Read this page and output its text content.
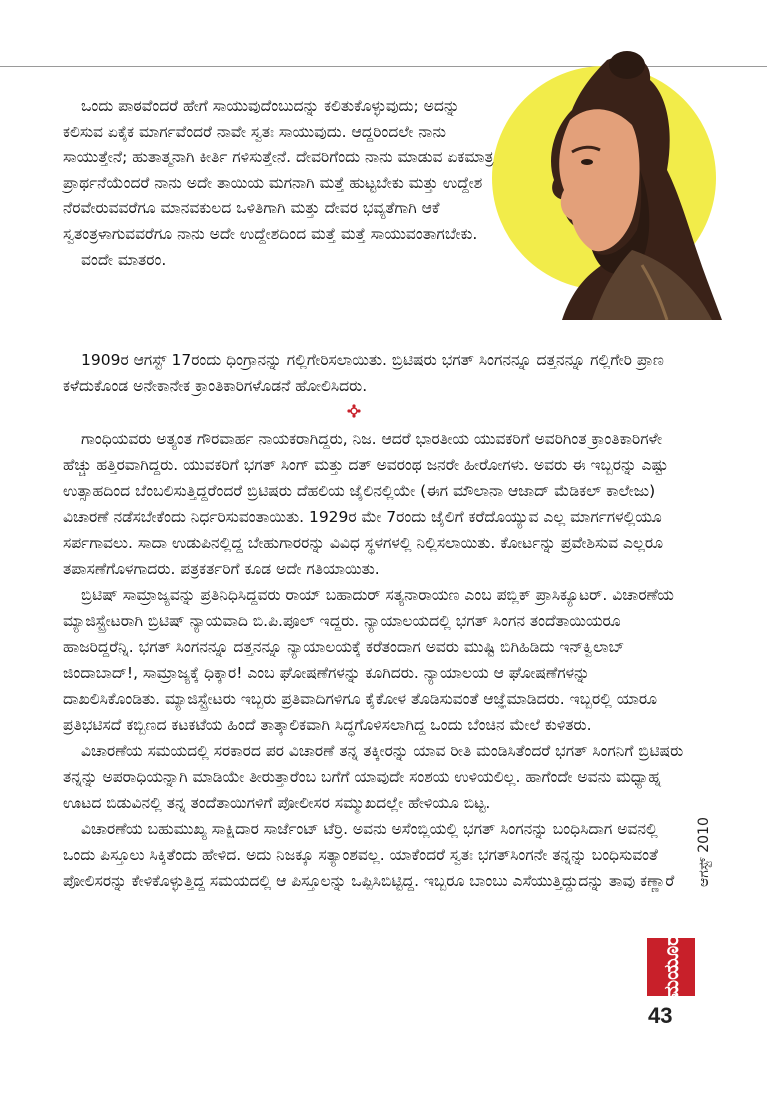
ಒಂದು ಪಾಠವೆಂದರೆ ಹೇಗೆ ಸಾಯುವುದೆಂಬುದನ್ನು ಕಲಿತುಕೊಳ್ಳುವುದು; ಅದನ್ನು ಕಲಿಸುವ ಏಕೈಕ ಮಾರ್ಗವೆಂದರೆ ನಾವೇ ಸ್ವತಃ ಸಾಯುವುದು. ಆದ್ದರಿಂದಲೇ ನಾನು ಸಾಯುತ್ತೇನೆ; ಹುತಾತ್ಮನಾಗಿ ಕೀರ್ತಿ ಗಳಿಸುತ್ತೇನೆ. ದೇವರಿಗೆಂದು ನಾನು ಮಾಡುವ ಏಕಮಾತ್ರ ಪ್ರಾರ್ಥನೆಯೆಂದರೆ ನಾನು ಅದೇ ತಾಯಿಯ ಮಗನಾಗಿ ಮತ್ತೆ ಹುಟ್ಟಬೇಕು ಮತ್ತು ಉದ್ದೇಶ ನೆರವೇರುವವರೆಗೂ ಮಾನವಕುಲದ ಒಳಿತಿಗಾಗಿ ಮತ್ತು ದೇವರ ಭವ್ಯತೆಗಾಗಿ ಆಕೆ ಸ್ವತಂತ್ರಳಾಗುವವರೆಗೂ ನಾನು ಅದೇ ಉದ್ದೇಶದಿಂದ ಮತ್ತೆ ಮತ್ತೆ ಸಾಯುವಂತಾಗಬೇಕು.

ವಂದೇ ಮಾತರಂ.

1909ರ ಆಗಸ್ಟ್ 17ರಂದು ಧಿಂಗ್ರಾನನ್ನು ಗಲ್ಲಿಗೇರಿಸಲಾಯಿತು. ಬ್ರಿಟಿಷರು ಭಗತ್ ಸಿಂಗನನ್ನೂ ದತ್ತನನ್ನೂ ಗಲ್ಲಿಗೇರಿ ಪ್ರಾಣ ಕಳೆದುಕೊಂಡ ಅನೇಕಾನೇಕ ಕ್ರಾಂತಿಕಾರಿಗಳೊಡನೆ ಹೋಲಿಸಿದರು.

ಗಾಂಧಿಯವರು ಅತ್ಯಂತ ಗೌರವಾರ್ಹ ನಾಯಕರಾಗಿದ್ದರು, ನಿಜ. ಆದರೆ ಭಾರತೀಯ ಯುವಕರಿಗೆ ಅವರಿಗಿಂತ ಕ್ರಾಂತಿಕಾರಿಗಳೇ ಹೆಚ್ಚು ಹತ್ತಿರವಾಗಿದ್ದರು. ಯುವಕರಿಗೆ ಭಗತ್ ಸಿಂಗ್ ಮತ್ತು ದತ್ ಅವರಂಥ ಜನರೇ ಹೀರೋಗಳು. ಅವರು ಈ ಇಬ್ಬರನ್ನು ಎಷ್ಟು ಉತ್ಸಾಹದಿಂದ ಬೆಂಬಲಿಸುತ್ತಿದ್ದರೆಂದರೆ ಬ್ರಿಟಿಷರು ದೆಹಲಿಯ ಜೈಲಿನಲ್ಲಿಯೇ (ಈಗ ಮೌಲಾನಾ ಆಜಾದ್ ಮೆಡಿಕಲ್ ಕಾಲೇಜು) ವಿಚಾರಣೆ ನಡೆಸಬೇಕೆಂದು ನಿರ್ಧರಿಸುವಂತಾಯಿತು. 1929ರ ಮೇ 7ರಂದು ಜೈಲಿಗೆ ಕರೆದೊಯ್ಯುವ ಎಲ್ಲ ಮಾರ್ಗಗಳಲ್ಲಿಯೂ ಸರ್ಪಗಾವಲು. ಸಾದಾ ಉಡುಪಿನಲ್ಲಿದ್ದ ಬೇಹುಗಾರರನ್ನು ವಿವಿಧ ಸ್ಥಳಗಳಲ್ಲಿ ನಿಲ್ಲಿಸಲಾಯಿತು. ಕೋರ್ಟನ್ನು ಪ್ರವೇಶಿಸುವ ಎಲ್ಲರೂ ತಪಾಸಣೆಗೊಳಗಾದರು. ಪತ್ರಕರ್ತರಿಗೆ ಕೂಡ ಅದೇ ಗತಿಯಾಯಿತು.

ಬ್ರಿಟಿಷ್ ಸಾಮ್ರಾಜ್ಯವನ್ನು ಪ್ರತಿನಿಧಿಸಿದ್ದವರು ರಾಯ್ ಬಹಾದುರ್ ಸತ್ಯನಾರಾಯಣ ಎಂಬ ಪಬ್ಲಿಕ್ ಪ್ರಾಸಿಕ್ಯೂಟರ್. ವಿಚಾರಣೆಯ ಮ್ಯಾಜಿಸ್ಟ್ರೇಟರಾಗಿ ಬ್ರಿಟಿಷ್ ನ್ಯಾಯವಾದಿ ಬಿ.ಪಿ.ಪೂಲ್ ಇದ್ದರು. ನ್ಯಾಯಾಲಯದಲ್ಲಿ ಭಗತ್ ಸಿಂಗನ ತಂದೆತಾಯಿಯರೂ ಹಾಜರಿದ್ದರೆನ್ನಿ. ಭಗತ್ ಸಿಂಗನನ್ನೂ ದತ್ತನನ್ನೂ ನ್ಯಾಯಾಲಯಕ್ಕೆ ಕರೆತಂದಾಗ ಅವರು ಮುಷ್ಟಿ ಬಿಗಿಹಿಡಿದು ಇನ್‌ಕ್ವಿಲಾಬ್ ಜಿಂದಾಬಾದ್!, ಸಾಮ್ರಾಜ್ಯಕ್ಕೆ ಧಿಕ್ಕಾರ! ಎಂಬ ಘೋಷಣೆಗಳನ್ನು ಕೂಗಿದರು. ನ್ಯಾಯಾಲಯ ಆ ಘೋಷಣೆಗಳನ್ನು ದಾಖಲಿಸಿಕೊಂಡಿತು. ಮ್ಯಾಜಿಸ್ಟ್ರೇಟರು ಇಬ್ಬರು ಪ್ರತಿವಾದಿಗಳಿಗೂ ಕೈಕೋಳ ತೊಡಿಸುವಂತೆ ಆಜ್ಞೆಮಾಡಿದರು. ಇಬ್ಬರಲ್ಲಿ ಯಾರೂ ಪ್ರತಿಭಟಿಸದೆ ಕಬ್ಬಿಣದ ಕಟಕಟೆಯ ಹಿಂದೆ ತಾತ್ಕಾಲಿಕವಾಗಿ ಸಿದ್ಧಗೊಳಿಸಲಾಗಿದ್ದ ಒಂದು ಬೆಂಚಿನ ಮೇಲೆ ಕುಳಿತರು.

ವಿಚಾರಣೆಯ ಸಮಯದಲ್ಲಿ ಸರಕಾರದ ಪರ ವಿಚಾರಣೆ ತನ್ನ ತಕ್ಕೀರನ್ನು ಯಾವ ರೀತಿ ಮಂಡಿಸಿತೆಂದರೆ ಭಗತ್ ಸಿಂಗನಿಗೆ ಬ್ರಿಟಿಷರು ತನ್ನನ್ನು ಅಪರಾಧಿಯನ್ನಾಗಿ ಮಾಡಿಯೇ ತೀರುತ್ತಾರೆಂಬ ಬಗೆಗೆ ಯಾವುದೇ ಸಂಶಯ ಉಳಿಯಲಿಲ್ಲ. ಹಾಗೆಂದೇ ಅವನು ಮಧ್ಯಾಹ್ನ ಊಟದ ಬಿಡುವಿನಲ್ಲಿ ತನ್ನ ತಂದೆತಾಯಿಗಳಿಗೆ ಪೋಲೀಸರ ಸಮ್ಮುಖದಲ್ಲೇ ಹೇಳಿಯೂ ಬಿಟ್ಟ.

ವಿಚಾರಣೆಯ ಬಹುಮುಖ್ಯ ಸಾಕ್ಷಿದಾರ ಸಾರ್ಜೆಂಟ್ ಟೆರ್ರಿ. ಅವನು ಅಸೆಂಬ್ಲಿಯಲ್ಲಿ ಭಗತ್ ಸಿಂಗನನ್ನು ಬಂಧಿಸಿದಾಗ ಅವನಲ್ಲಿ ಒಂದು ಪಿಸ್ತೂಲು ಸಿಕ್ಕಿತೆಂದು ಹೇಳಿದ. ಅದು ನಿಜಕ್ಕೂ ಸತ್ಯಾಂಶವಲ್ಲ. ಯಾಕೆಂದರೆ ಸ್ವತಃ ಭಗತ್‌ಸಿಂಗನೇ ತನ್ನನ್ನು ಬಂಧಿಸುವಂತೆ ಪೋಲಿಸರನ್ನು ಕೇಳಿಕೊಳ್ಳುತ್ತಿದ್ದ ಸಮಯದಲ್ಲಿ ಆ ಪಿಸ್ತೂಲನ್ನು ಒಪ್ಪಿಸಿಬಿಟ್ಟಿದ್ದ. ಇಬ್ಬರೂ ಬಾಂಬು ಎಸೆಯುತ್ತಿದ್ದುದನ್ನು ತಾವು ಕಣ್ಣಾರೆ	ಆಗಸ್ಟ್ 2010
ಮಯೂರ
43
